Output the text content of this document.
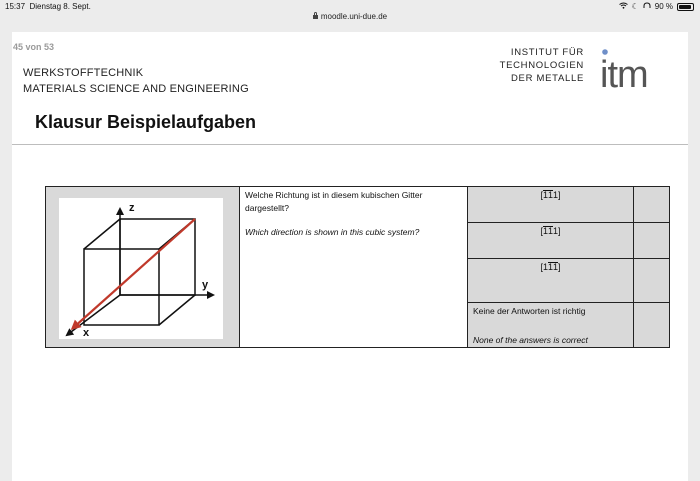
15:37 Dienstag 8. Sept.	☾ 90 %
moodle.uni-due.de
45 von 53
WERKSTOFFTECHNIK
MATERIALS SCIENCE AND ENGINEERING
INSTITUT FÜR
TECHNOLOGIEN
DER METALLE itm
Klausur Beispielaufgaben
z
y
x
Welche Richtung ist in diesem kubischen Gitter dargestellt?
Which direction is shown in this cubic system?
[111]
[111]
[111]
Keine der Antworten ist richtig
None of the answers is correct
